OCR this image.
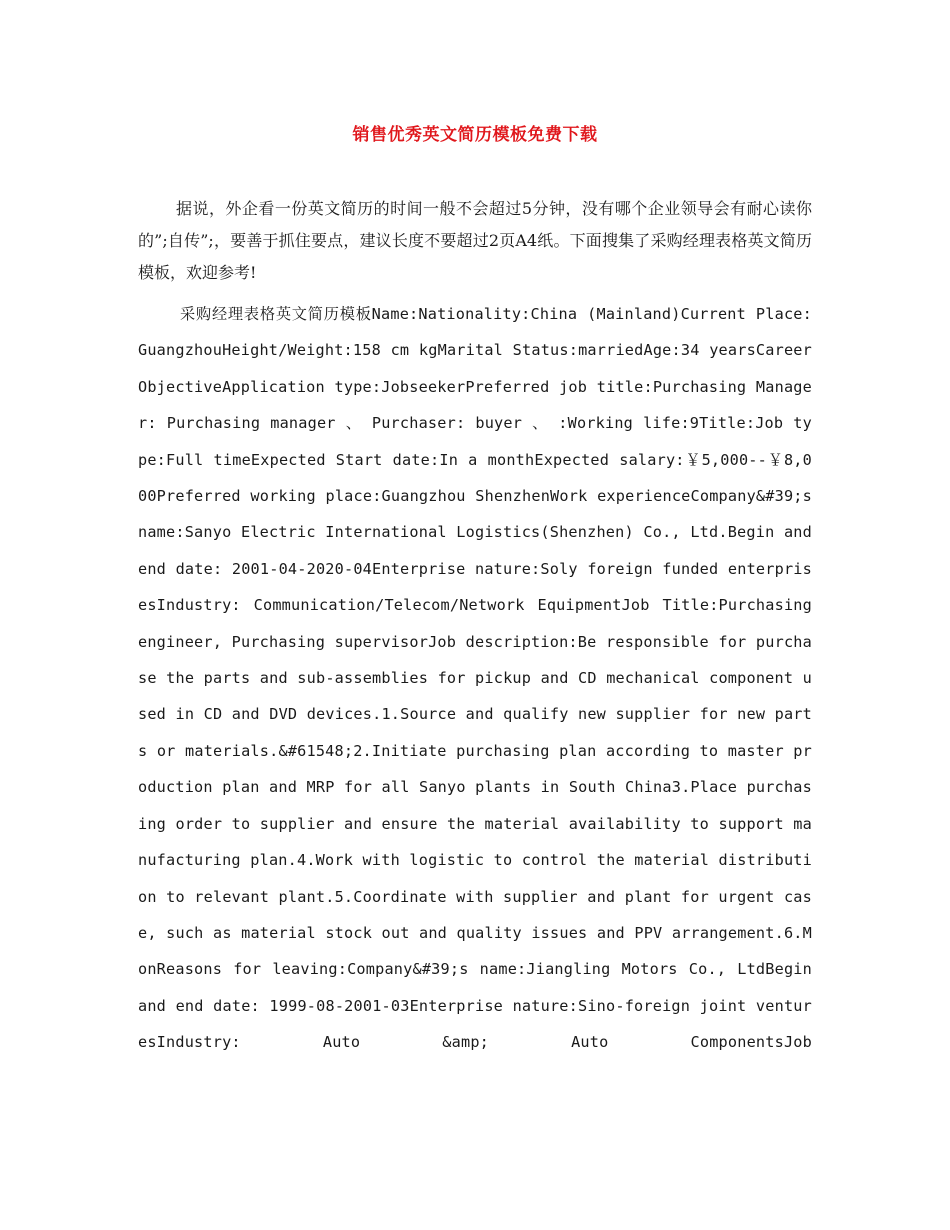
销售优秀英文简历模板免费下载
据说，外企看一份英文简历的时间一般不会超过5分钟，没有哪个企业领导会有耐心读你的”;自传”;，要善于抓住要点，建议长度不要超过2页A4纸。下面搜集了采购经理表格英文简历模板，欢迎参考!
采购经理表格英文简历模板Name:Nationality:China (Mainland)Current Place:GuangzhouHeight/Weight:158 cm kgMarital Status:marriedAge:34 yearsCareer ObjectiveApplication type:JobseekerPreferred job title:Purchasing Manager: Purchasing manager 、 Purchaser: buyer 、 :Working life:9Title:Job type:Full timeExpected Start date:In a monthExpected salary:￥5,000--￥8,000Preferred working place:Guangzhou ShenzhenWork experienceCompany&#39;s name:Sanyo Electric International Logistics(Shenzhen) Co., Ltd.Begin and end date: 2001-04-2020-04Enterprise nature:Soly foreign funded enterprisesIndustry: Communication/Telecom/Network EquipmentJob Title:Purchasing engineer, Purchasing supervisorJob description:Be responsible for purchase the parts and sub-assemblies for pickup and CD mechanical component used in CD and DVD devices.1.Source and qualify new supplier for new parts or materials.&#61548;2.Initiate purchasing plan according to master production plan and MRP for all Sanyo plants in South China3.Place purchasing order to supplier and ensure the material availability to support manufacturing plan.4.Work with logistic to control the material distribution to relevant plant.5.Coordinate with supplier and plant for urgent case, such as material stock out and quality issues and PPV arrangement.6.MonReasons for leaving:Company&#39;s name:Jiangling Motors Co., LtdBegin and end date: 1999-08-2001-03Enterprise nature:Sino-foreign joint venturesIndustry: Auto &amp; Auto ComponentsJob
